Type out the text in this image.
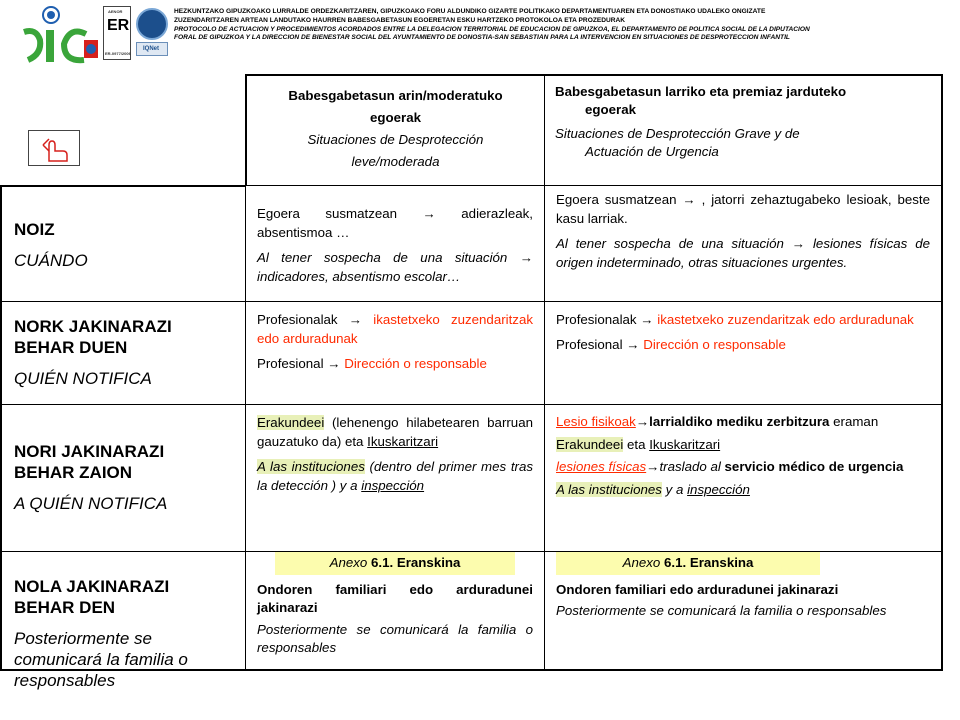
AENOR
ER
ER-0977/2006
IQNet
HEZKUNTZAKO GIPUZKOAKO LURRALDE ORDEZKARITZAREN, GIPUZKOAKO FORU ALDUNDIKO GIZARTE POLITIKAKO DEPARTAMENTUAREN ETA DONOSTIAKO UDALEKO ONGIZATE
ZUZENDARITZAREN ARTEAN LANDUTAKO HAURREN BABESGABETASUN EGOERETAN ESKU HARTZEKO PROTOKOLOA ETA PROZEDURAK
PROTOCOLO DE ACTUACIÓN Y PROCEDIMIENTOS ACORDADOS ENTRE LA DELEGACIÓN TERRITORIAL DE EDUCACIÓN DE GIPUZKOA, EL DEPARTAMENTO DE POLÍTICA SOCIAL DE LA DIPUTACIÓN
FORAL DE GIPUZKOA Y LA DIRECCIÓN DE BIENESTAR SOCIAL DEL AYUNTAMIENTO DE DONOSTIA-SAN SEBASTIÁN PARA LA INTERVENCIÓN EN SITUACIONES DE DESPROTECCIÓN INFANTIL
Babesgabetasun arin/moderatuko
egoerak
Situaciones de Desprotección
leve/moderada
Babesgabetasun larriko eta premiaz jarduteko
egoerak
Situaciones de Desprotección Grave y de
Actuación de Urgencia
NOIZ
CUÁNDO

Egoera susmatzean → adierazleak, absentismoa …

Al tener sospecha de una situación → indicadores, absentismo escolar…

Egoera susmatzean → , jatorri zehaztugabeko lesioak, beste kasu larriak.

Al tener sospecha de una situación → lesiones físicas de origen indeterminado, otras situaciones urgentes.

NORK JAKINARAZI
BEHAR DUEN
QUIÉN NOTIFICA

Profesionalak → ikastetxeko zuzendaritzak edo arduradunak

Profesional → Dirección o responsable

Profesionalak → ikastetxeko zuzendaritzak edo arduradunak

Profesional → Dirección o responsable

NORI JAKINARAZI
BEHAR ZAION
A QUIÉN NOTIFICA

Erakundeei (lehenengo hilabetearen barruan gauzatuko da) eta Ikuskaritzari

A las instituciones (dentro del primer mes tras la detección ) y a inspección

Lesio fisikoak→larrialdiko mediku zerbitzura eraman

Erakundeei eta Ikuskaritzari

lesiones físicas→traslado al servicio médico de urgencia

A las instituciones y a inspección

NOLA JAKINARAZI
BEHAR DEN
Posteriormente se comunicará la familia o responsables
Anexo 6.1. Eranskina

Ondoren familiari edo arduradunei jakinarazi

Posteriormente se comunicará la familia o responsables

Anexo 6.1. Eranskina

Ondoren familiari edo arduradunei jakinarazi

Posteriormente se comunicará la familia o responsables
